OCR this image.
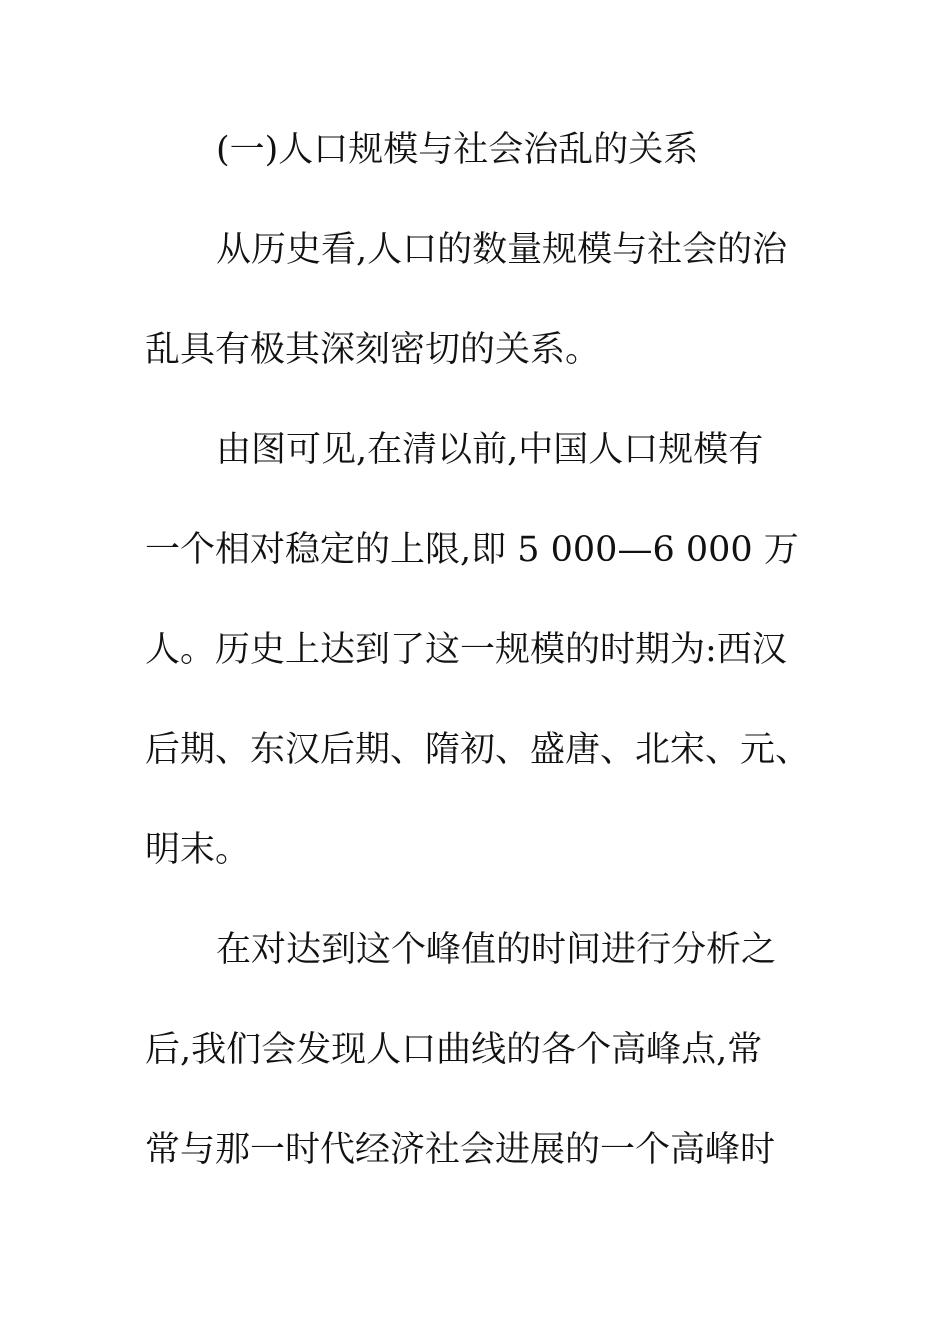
(一)人口规模与社会治乱的关系
从历史看,人口的数量规模与社会的治
乱具有极其深刻密切的关系。
由图可见,在清以前,中国人口规模有
一个相对稳定的上限,即 5 000—6 000 万
人。历史上达到了这一规模的时期为:西汉
后期、东汉后期、隋初、盛唐、北宋、元、
明末。
在对达到这个峰值的时间进行分析之
后,我们会发现人口曲线的各个高峰点,常
常与那一时代经济社会进展的一个高峰时
